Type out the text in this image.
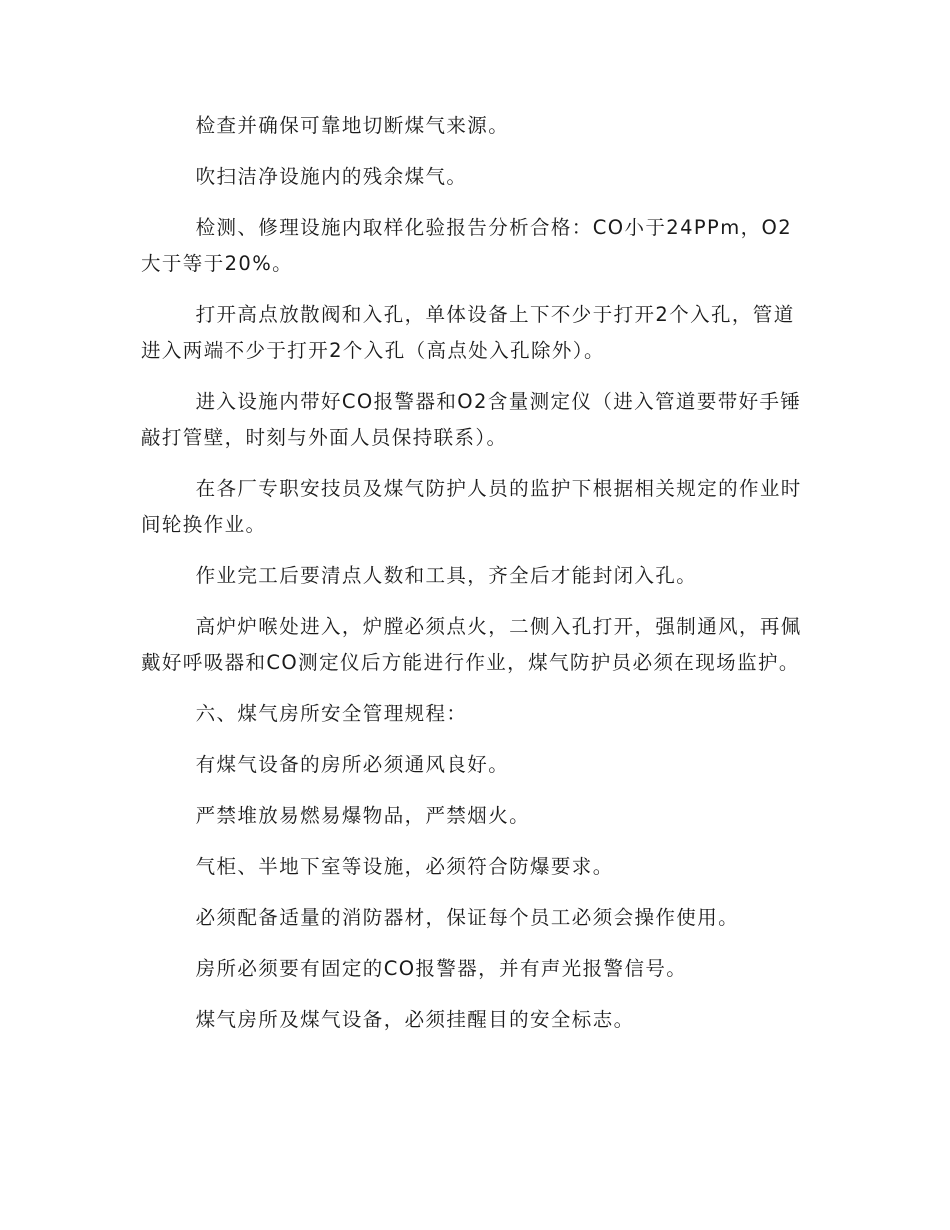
检查并确保可靠地切断煤气来源。

吹扫洁净设施内的残余煤气。

检测、修理设施内取样化验报告分析合格：CO小于24PPm，O2大于等于20%。

打开高点放散阀和入孔，单体设备上下不少于打开2个入孔，管道进入两端不少于打开2个入孔（高点处入孔除外）。

进入设施内带好CO报警器和O2含量测定仪（进入管道要带好手锤敲打管壁，时刻与外面人员保持联系）。

在各厂专职安技员及煤气防护人员的监护下根据相关规定的作业时间轮换作业。

作业完工后要清点人数和工具，齐全后才能封闭入孔。

高炉炉喉处进入，炉膛必须点火，二侧入孔打开，强制通风，再佩戴好呼吸器和CO测定仪后方能进行作业，煤气防护员必须在现场监护。

六、煤气房所安全管理规程：

有煤气设备的房所必须通风良好。

严禁堆放易燃易爆物品，严禁烟火。

气柜、半地下室等设施，必须符合防爆要求。

必须配备适量的消防器材，保证每个员工必须会操作使用。

房所必须要有固定的CO报警器，并有声光报警信号。

煤气房所及煤气设备，必须挂醒目的安全标志。
